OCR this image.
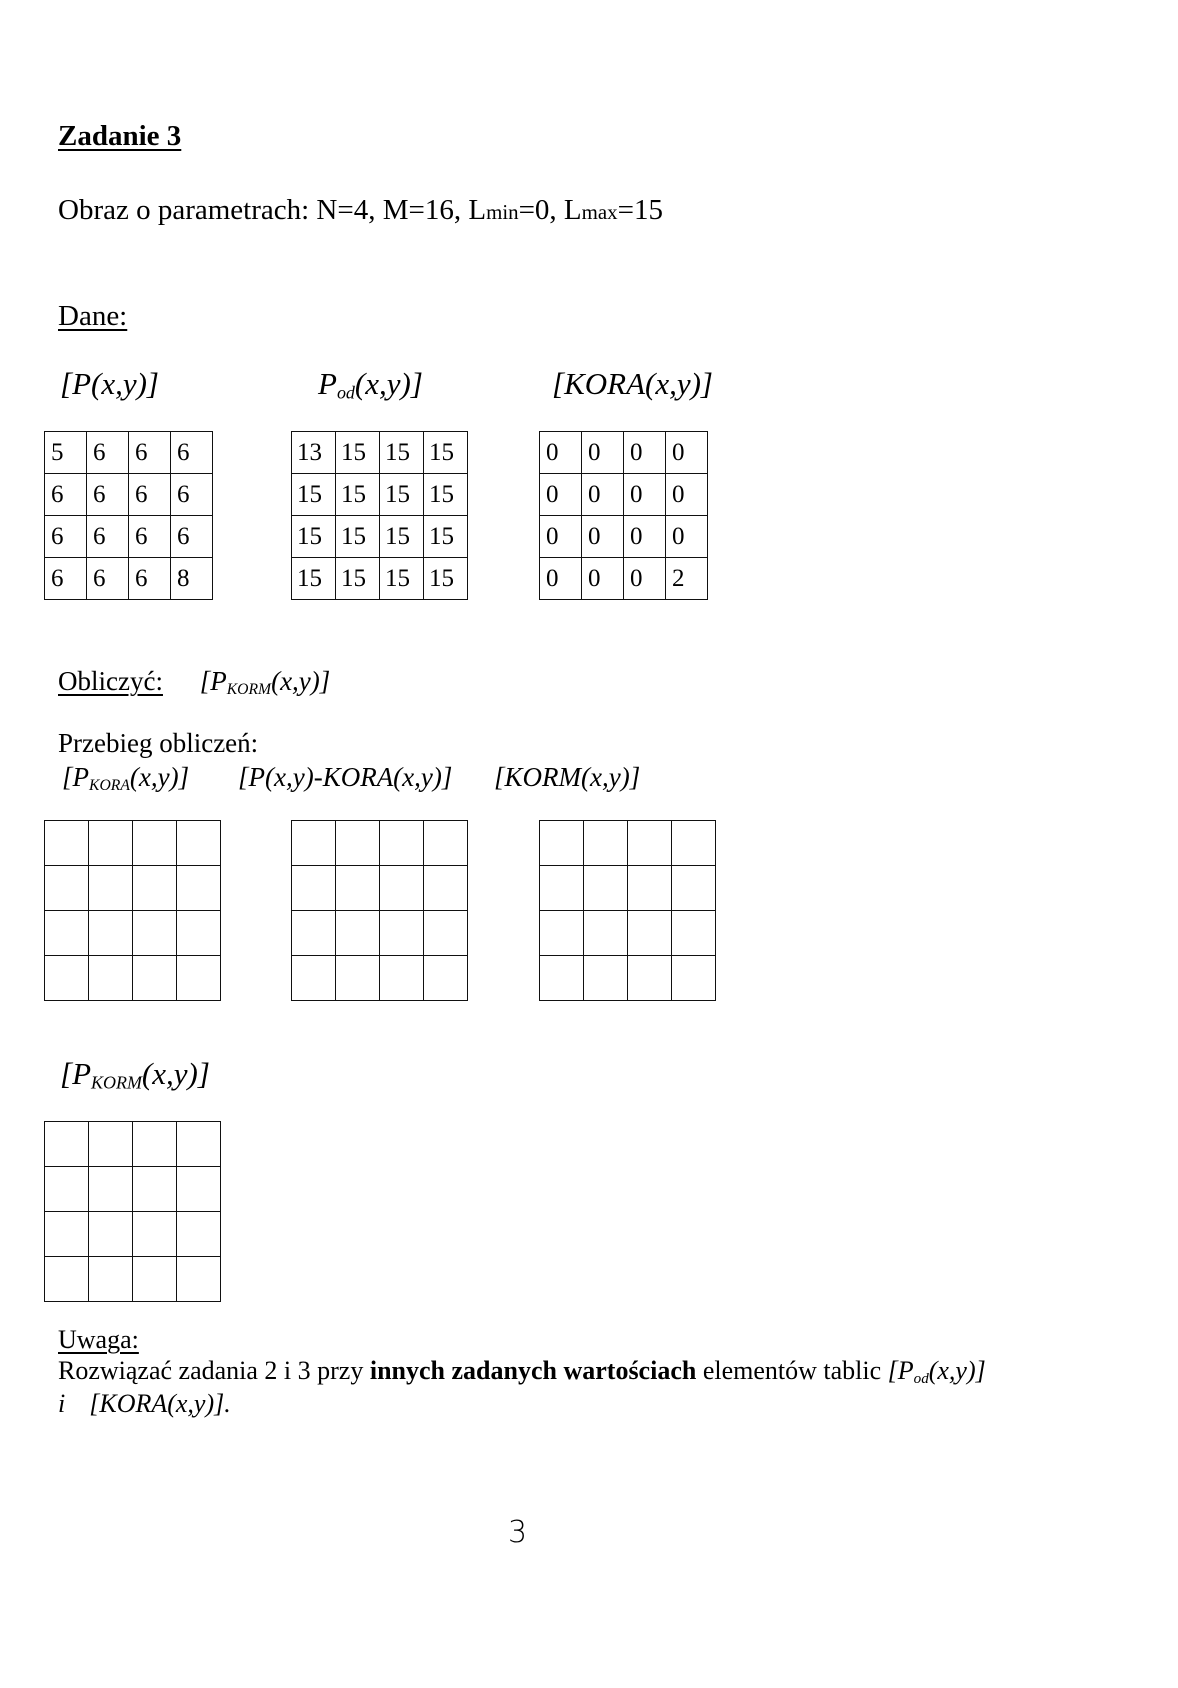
Zadanie 3
Obraz o parametrach: N=4, M=16, Lmin=0, Lmax=15
Dane:
[P(x,y)]	$P_{od}(x,y)$]	[KORA(x,y)]
5	6	6	6
6	6	6	6
6	6	6	6
6	6	6	8
13	15	15	15
15	15	15	15
15	15	15	15
15	15	15	15
0	0	0	0
0	0	0	0
0	0	0	0
0	0	0	2
Obliczyć: $[P_{KORM}(x,y)]$
Przebieg obliczeń:
$[P_{KORA}(x,y)]$ [P(x,y)-KORA(x,y)] [KORM(x,y)]

$[P_{KORM}(x,y)]$

Uwaga:
Rozwiązać zadania 2 i 3 przy innych zadanych wartościach elementów tablic $[P_{od}(x,y)]$
i [KORA(x,y)].
3
